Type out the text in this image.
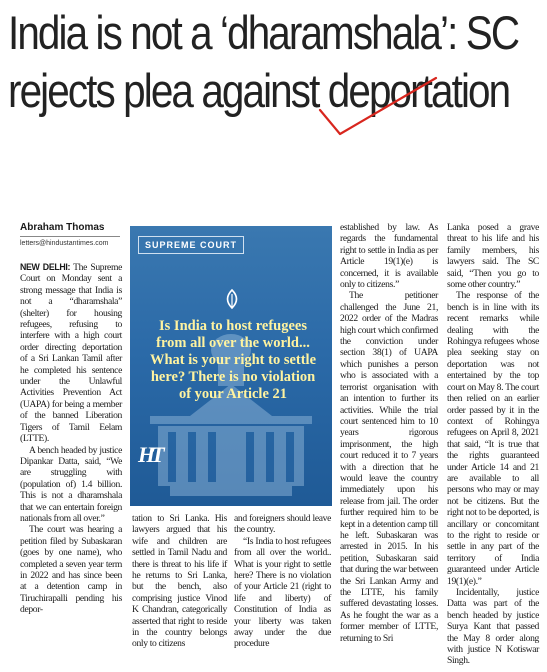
India is not a ‘dharamshala’: SC
rejects plea against deportation
Abraham Thomas
letters@hindustantimes.com

NEW DELHI: The Supreme Court on Monday sent a strong message that India is not a “dharamshala” (shelter) for housing refugees, refusing to interfere with a high court order directing deportation of a Sri Lankan Tamil after he completed his sentence under the Unlawful Activities Prevention Act (UAPA) for being a member of the banned Liberation Tigers of Tamil Eelam (LTTE).

A bench headed by justice Dipankar Datta, said, “We are struggling with (population of) 1.4 billion. This is not a dharamshala that we can entertain foreign nationals from all over.”

The court was hearing a petition filed by Subaskaran (goes by one name), who completed a seven year term in 2022 and has since been at a detention camp in Tiruchirapalli pending his depor-

SUPREME COURT
Is India to host refugees from all over the world... What is your right to settle here? There is no violation of your Article 21
HT

tation to Sri Lanka. His lawyers argued that his wife and children are settled in Tamil Nadu and there is threat to his life if he returns to Sri Lanka, but the bench, also comprising justice Vinod K Chandran, categorically asserted that right to reside in the country belongs only to citizens

and foreigners should leave the country.

“Is India to host refugees from all over the world.. What is your right to settle here? There is no violation of your Article 21 (right to life and liberty) of Constitution of India as your liberty was taken away under the due procedure

established by law. As regards the fundamental right to settle in India as per Article 19(1)(e) is concerned, it is available only to citizens.”

The petitioner challenged the June 21, 2022 order of the Madras high court which confirmed the conviction under section 38(1) of UAPA which punishes a person who is associated with a terrorist organisation with an intention to further its activities. While the trial court sentenced him to 10 years rigorous imprisonment, the high court reduced it to 7 years with a direction that he would leave the country immediately upon his release from jail. The order further required him to be kept in a detention camp till he left. Subaskaran was arrested in 2015. In his petition, Subaskaran said that during the war between the Sri Lankan Army and the LTTE, his family suffered devastating losses. As he fought the war as a former member of LTTE, returning to Sri

Lanka posed a grave threat to his life and his family members, his lawyers said. The SC said, “Then you go to some other country.”

The response of the bench is in line with its recent remarks while dealing with the Rohingya refugees whose plea seeking stay on deportation was not entertained by the top court on May 8. The court then relied on an earlier order passed by it in the context of Rohingya refugees on April 8, 2021 that said, “It is true that the rights guaranteed under Article 14 and 21 are available to all persons who may or may not be citizens. But the right not to be deported, is ancillary or concomitant to the right to reside or settle in any part of the territory of India guaranteed under Article 19(1)(e).”

Incidentally, justice Datta was part of the bench headed by justice Surya Kant that passed the May 8 order along with justice N Kotiswar Singh.
